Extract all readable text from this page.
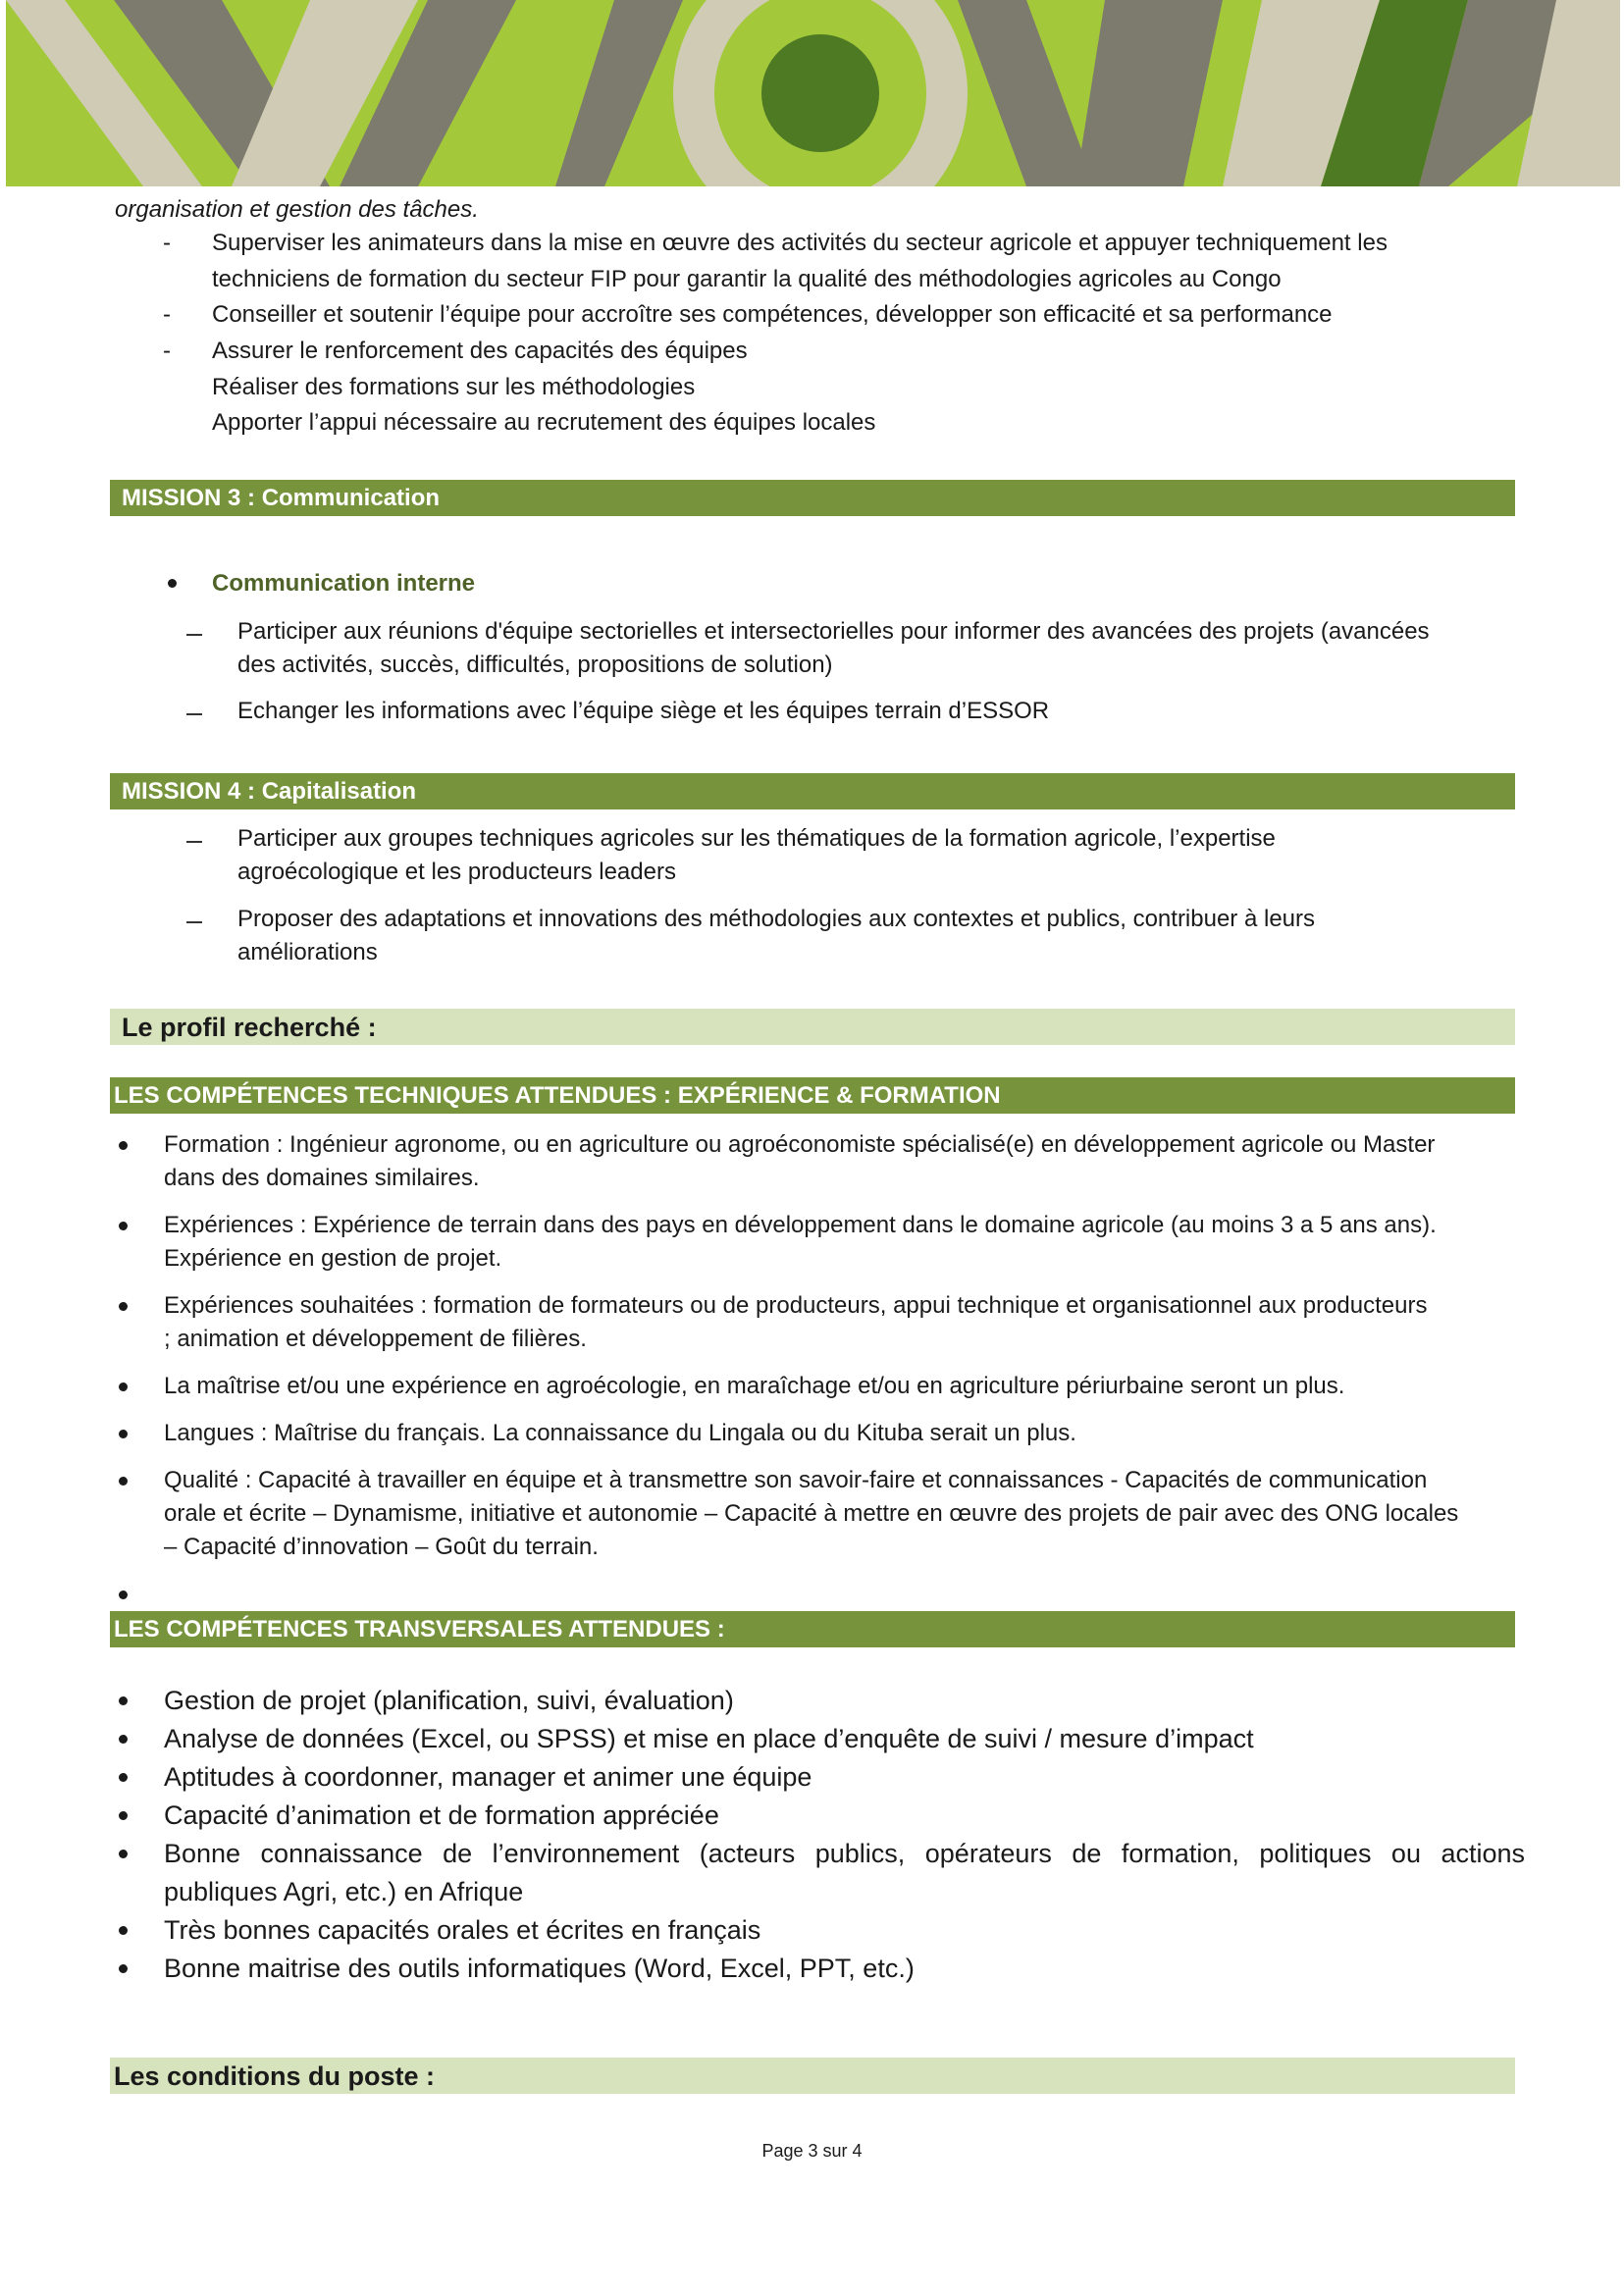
organisation et gestion des tâches.
- Superviser les animateurs dans la mise en œuvre des activités du secteur agricole et appuyer techniquement les
techniciens de formation du secteur FIP pour garantir la qualité des méthodologies agricoles au Congo
- Conseiller et soutenir l’équipe pour accroître ses compétences, développer son efficacité et sa performance
- Assurer le renforcement des capacités des équipes
Réaliser des formations sur les méthodologies
Apporter l’appui nécessaire au recrutement des équipes locales
MISSION 3 : Communication
Communication interne
Participer aux réunions d'équipe sectorielles et intersectorielles pour informer des avancées des projets (avancées
des activités, succès, difficultés, propositions de solution)
Echanger les informations avec l’équipe siège et les équipes terrain d’ESSOR
MISSION 4 : Capitalisation
Participer aux groupes techniques agricoles sur les thématiques de la formation agricole, l’expertise
agroécologique et les producteurs leaders
Proposer des adaptations et innovations des méthodologies aux contextes et publics, contribuer à leurs
améliorations
Le profil recherché :
LES COMPÉTENCES TECHNIQUES ATTENDUES : EXPÉRIENCE & FORMATION
Formation : Ingénieur agronome, ou en agriculture ou agroéconomiste spécialisé(e) en développement agricole ou Master
dans des domaines similaires.
Expériences : Expérience de terrain dans des pays en développement dans le domaine agricole (au moins 3 a 5 ans ans).
Expérience en gestion de projet.
Expériences souhaitées : formation de formateurs ou de producteurs, appui technique et organisationnel aux producteurs
; animation et développement de filières.
La maîtrise et/ou une expérience en agroécologie, en maraîchage et/ou en agriculture périurbaine seront un plus.
Langues : Maîtrise du français. La connaissance du Lingala ou du Kituba serait un plus.
Qualité : Capacité à travailler en équipe et à transmettre son savoir-faire et connaissances - Capacités de communication
orale et écrite – Dynamisme, initiative et autonomie – Capacité à mettre en œuvre des projets de pair avec des ONG locales
– Capacité d’innovation – Goût du terrain.
LES COMPÉTENCES TRANSVERSALES ATTENDUES :
Gestion de projet (planification, suivi, évaluation)
Analyse de données (Excel, ou SPSS) et mise en place d’enquête de suivi / mesure d’impact
Aptitudes à coordonner, manager et animer une équipe
Capacité d’animation et de formation appréciée
Bonne connaissance de l’environnement (acteurs publics, opérateurs de formation, politiques ou actions
publiques Agri, etc.) en Afrique
Très bonnes capacités orales et écrites en français
Bonne maitrise des outils informatiques (Word, Excel, PPT, etc.)
Les conditions du poste :
Page 3 sur 4
